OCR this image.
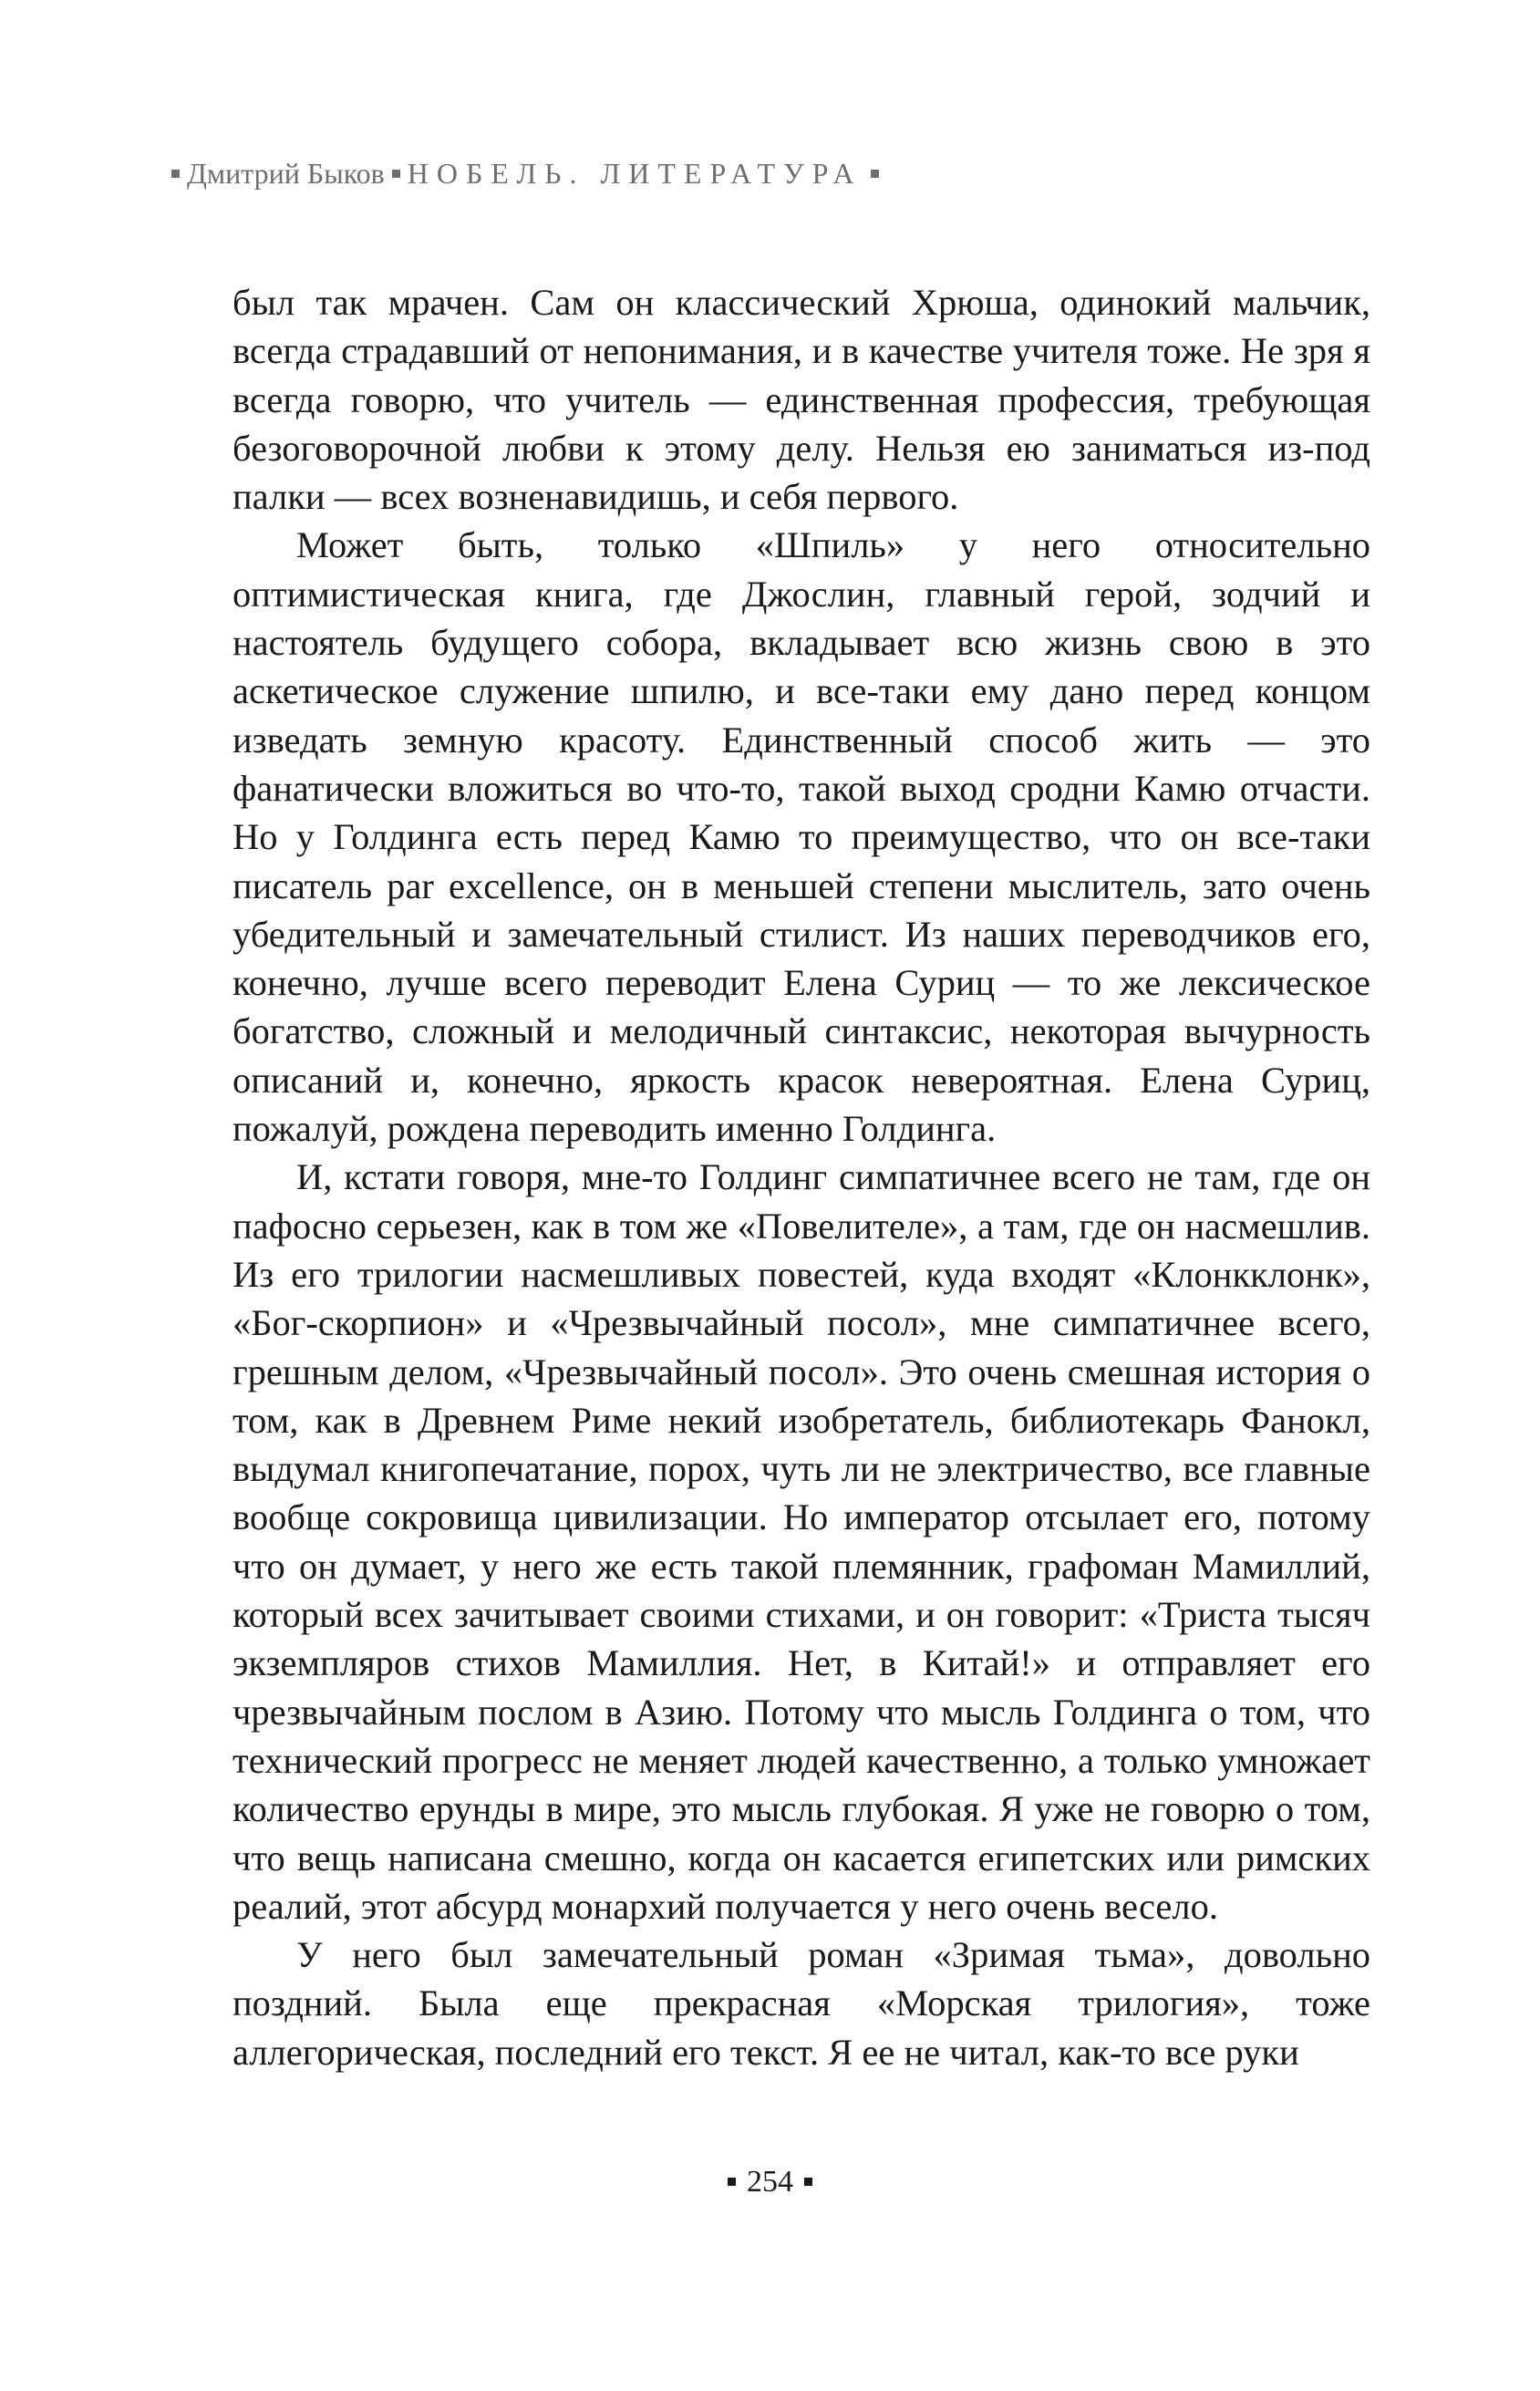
Дмитрий Быков НОБЕЛЬ. ЛИТЕРАТУРА

был так мрачен. Сам он классический Хрюша, одинокий мальчик, всегда страдавший от непонимания, и в качестве учителя тоже. Не зря я всегда говорю, что учитель — единственная профессия, требующая безоговорочной любви к этому делу. Нельзя ею заниматься из-под палки — всех возненавидишь, и себя первого.

Может быть, только «Шпиль» у него относительно оптимистическая книга, где Джослин, главный герой, зодчий и настоятель будущего собора, вкладывает всю жизнь свою в это аскетическое служение шпилю, и все-таки ему дано перед концом изведать земную красоту. Единственный способ жить — это фанатически вложиться во что-то, такой выход сродни Камю отчасти. Но у Голдинга есть перед Камю то преимущество, что он все-таки писатель par excellence, он в меньшей степени мыслитель, зато очень убедительный и замечательный стилист. Из наших переводчиков его, конечно, лучше всего переводит Елена Суриц — то же лексическое богатство, сложный и мелодичный синтаксис, некоторая вычурность описаний и, конечно, яркость красок невероятная. Елена Суриц, пожалуй, рождена переводить именно Голдинга.

И, кстати говоря, мне-то Голдинг симпатичнее всего не там, где он пафосно серьезен, как в том же «Повелителе», а там, где он насмешлив. Из его трилогии насмешливых повестей, куда входят «Клонкклонк», «Бог-скорпион» и «Чрезвычайный посол», мне симпатичнее всего, грешным делом, «Чрезвычайный посол». Это очень смешная история о том, как в Древнем Риме некий изобретатель, библиотекарь Фанокл, выдумал книгопечатание, порох, чуть ли не электричество, все главные вообще сокровища цивилизации. Но император отсылает его, потому что он думает, у него же есть такой племянник, графоман Мамиллий, который всех зачитывает своими стихами, и он говорит: «Триста тысяч экземпляров стихов Мамиллия. Нет, в Китай!» и отправляет его чрезвычайным послом в Азию. Потому что мысль Голдинга о том, что технический прогресс не меняет людей качественно, а только умножает количество ерунды в мире, это мысль глубокая. Я уже не говорю о том, что вещь написана смешно, когда он касается египетских или римских реалий, этот абсурд монархий получается у него очень весело.

У него был замечательный роман «Зримая тьма», довольно поздний. Была еще прекрасная «Морская трилогия», тоже аллегорическая, последний его текст. Я ее не читал, как-то все руки

254
